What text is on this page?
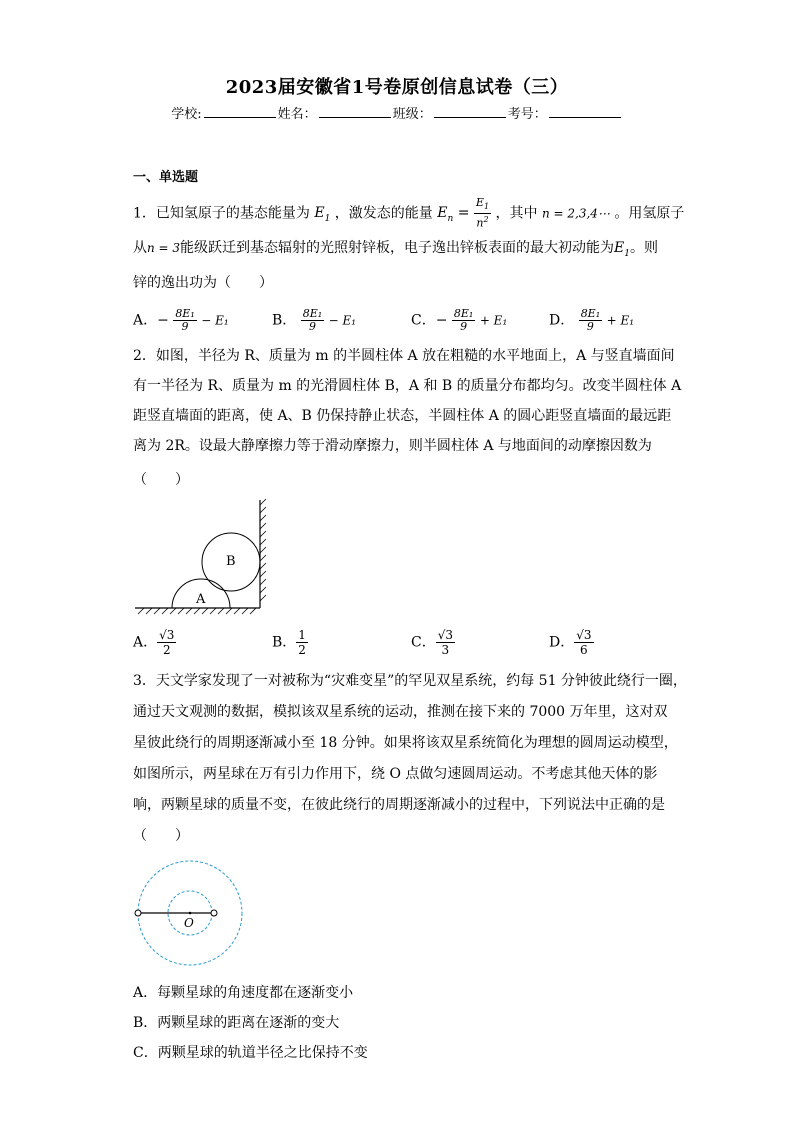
2023届安徽省1号卷原创信息试卷（三）
学校:	姓名：	班级：	考号：
一、单选题
1．已知氢原子的基态能量为 $E_1$ ，激发态的能量 $E_n = \frac{E_1}{n^2}$ ，其中 n = 2,3,4⋯ 。用氢原子
从n = 3能级跃迁到基态辐射的光照射锌板，电子逸出锌板表面的最大初动能为$E_1$。则
锌的逸出功为（　　）
A．− $\frac{\text{8E₁}}{9} - E_1$	B． $\frac{\text{8E₁}}{9} - E_1$	C．− $\frac{\text{8E₁}}{9} + E_1$	D． $\frac{\text{8E₁}}{9} + E_1$
2．如图，半径为 R、质量为 m 的半圆柱体 A 放在粗糙的水平地面上，A 与竖直墙面间
有一半径为 R、质量为 m 的光滑圆柱体 B，A 和 B 的质量分布都均匀。改变半圆柱体 A
距竖直墙面的距离，使 A、B 仍保持静止状态，半圆柱体 A 的圆心距竖直墙面的最远距
离为 2R。设最大静摩擦力等于滑动摩擦力，则半圆柱体 A 与地面间的动摩擦因数为
（　　）
A
B
A． $\frac{√3}{2}$	B． $\frac{1}{2}$	C． $\frac{√3}{3}$	D． $\frac{√3}{6}$
3．天文学家发现了一对被称为“灾难变星”的罕见双星系统，约每 51 分钟彼此绕行一圈，
通过天文观测的数据，模拟该双星系统的运动，推测在接下来的 7000 万年里，这对双
星彼此绕行的周期逐渐减小至 18 分钟。如果将该双星系统简化为理想的圆周运动模型，
如图所示，两星球在万有引力作用下，绕 O 点做匀速圆周运动。不考虑其他天体的影
响，两颗星球的质量不变，在彼此绕行的周期逐渐减小的过程中，下列说法中正确的是
（　　）
O
A．每颗星球的角速度都在逐渐变小
B．两颗星球的距离在逐渐的变大
C．两颗星球的轨道半径之比保持不变
